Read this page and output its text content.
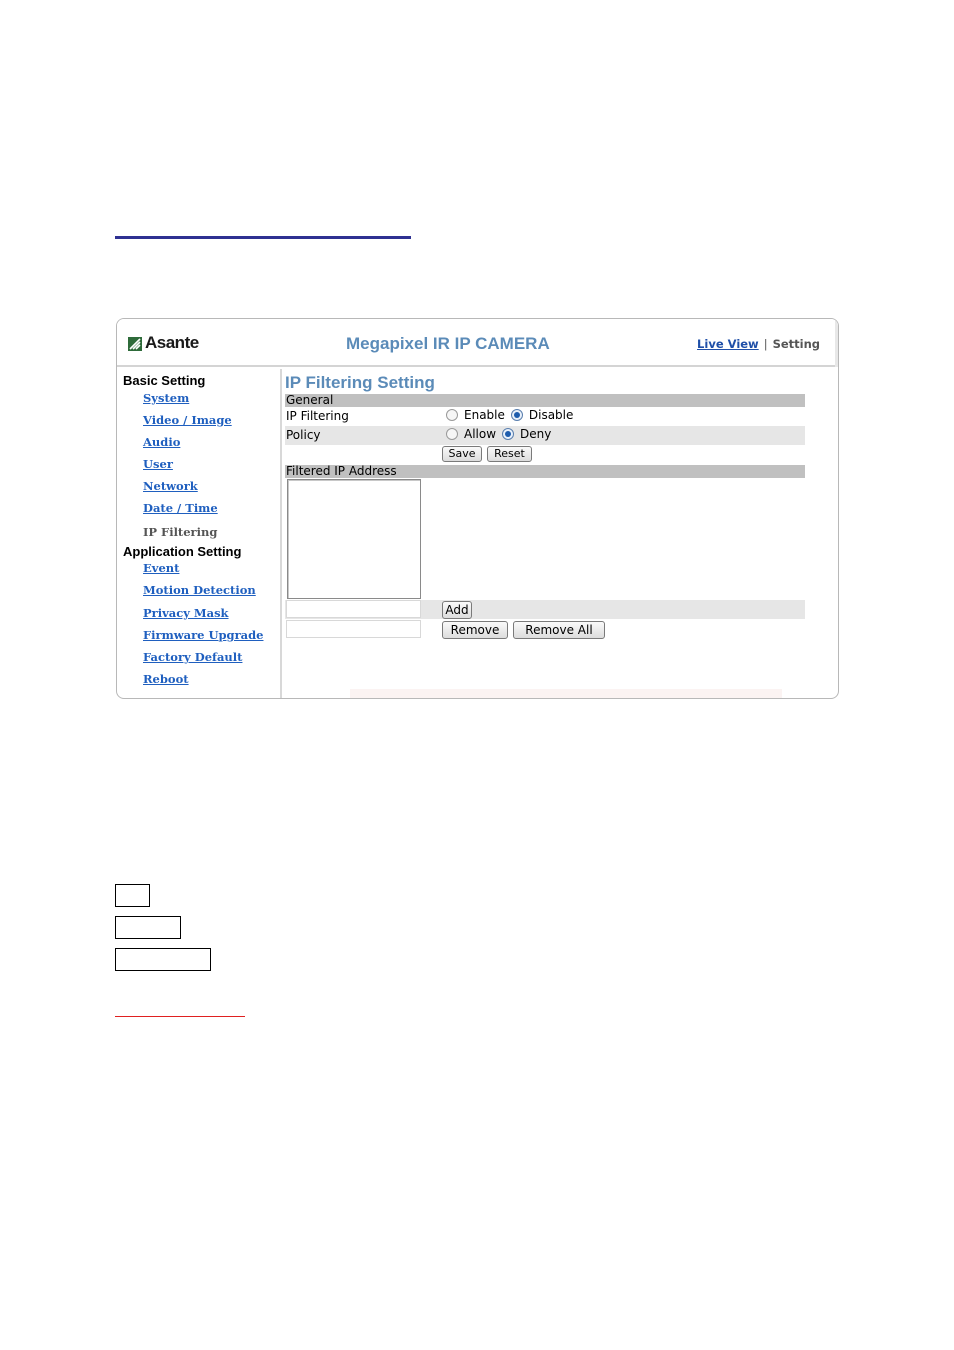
Asante	Megapixel IR IP CAMERA	Live View | Setting
Basic Setting
System
Video / Image
Audio
User
Network
Date / Time
IP Filtering
Application Setting
Event
Motion Detection
Privacy Mask
Firmware Upgrade
Factory Default
Reboot
IP Filtering Setting
General
IP Filtering	Enable Disable
Policy	Allow Deny
Save	Reset
Filtered IP Address
Add
Remove	Remove All
